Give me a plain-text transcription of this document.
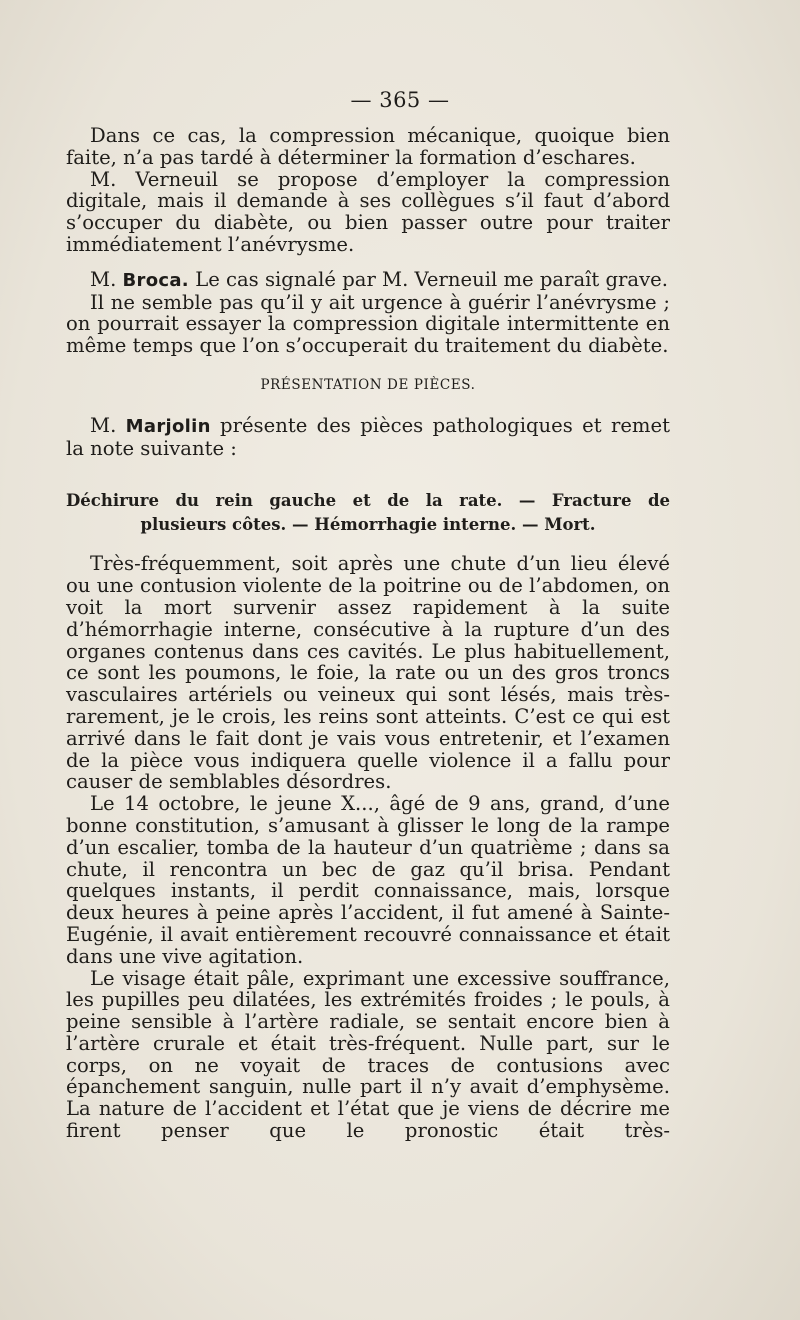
— 365 —

Dans ce cas, la compression mécanique, quoique bien faite, n’a pas tardé à déterminer la formation d’eschares.

M. Verneuil se propose d’employer la compression digitale, mais il demande à ses collègues s’il faut d’abord s’occuper du diabète, ou bien passer outre pour traiter immédiatement l’anévrysme.

M. Broca. Le cas signalé par M. Verneuil me paraît grave.

Il ne semble pas qu’il y ait urgence à guérir l’anévrysme ; on pourrait essayer la compression digitale intermittente en même temps que l’on s’occuperait du traitement du diabète.

PRÉSENTATION DE PIÈCES.

M. Marjolin présente des pièces pathologiques et remet la note suivante :

Déchirure du rein gauche et de la rate. — Fracture de
plusieurs côtes. — Hémorrhagie interne. — Mort.

Très-fréquemment, soit après une chute d’un lieu élevé ou une contusion violente de la poitrine ou de l’abdomen, on voit la mort survenir assez rapidement à la suite d’hémorrhagie interne, consécutive à la rupture d’un des organes contenus dans ces cavités. Le plus habituellement, ce sont les poumons, le foie, la rate ou un des gros troncs vasculaires artériels ou veineux qui sont lésés, mais très-rarement, je le crois, les reins sont atteints. C’est ce qui est arrivé dans le fait dont je vais vous entretenir, et l’examen de la pièce vous indiquera quelle violence il a fallu pour causer de semblables désordres.

Le 14 octobre, le jeune X..., âgé de 9 ans, grand, d’une bonne constitution, s’amusant à glisser le long de la rampe d’un escalier, tomba de la hauteur d’un quatrième ; dans sa chute, il rencontra un bec de gaz qu’il brisa. Pendant quelques instants, il perdit connaissance, mais, lorsque deux heures à peine après l’accident, il fut amené à Sainte-Eugénie, il avait entièrement recouvré connaissance et était dans une vive agitation.

Le visage était pâle, exprimant une excessive souffrance, les pupilles peu dilatées, les extrémités froides ; le pouls, à peine sensible à l’artère radiale, se sentait encore bien à l’artère crurale et était très-fréquent. Nulle part, sur le corps, on ne voyait de traces de contusions avec épanchement sanguin, nulle part il n’y avait d’emphysème. La nature de l’accident et l’état que je viens de décrire me firent penser que le pronostic était très-
